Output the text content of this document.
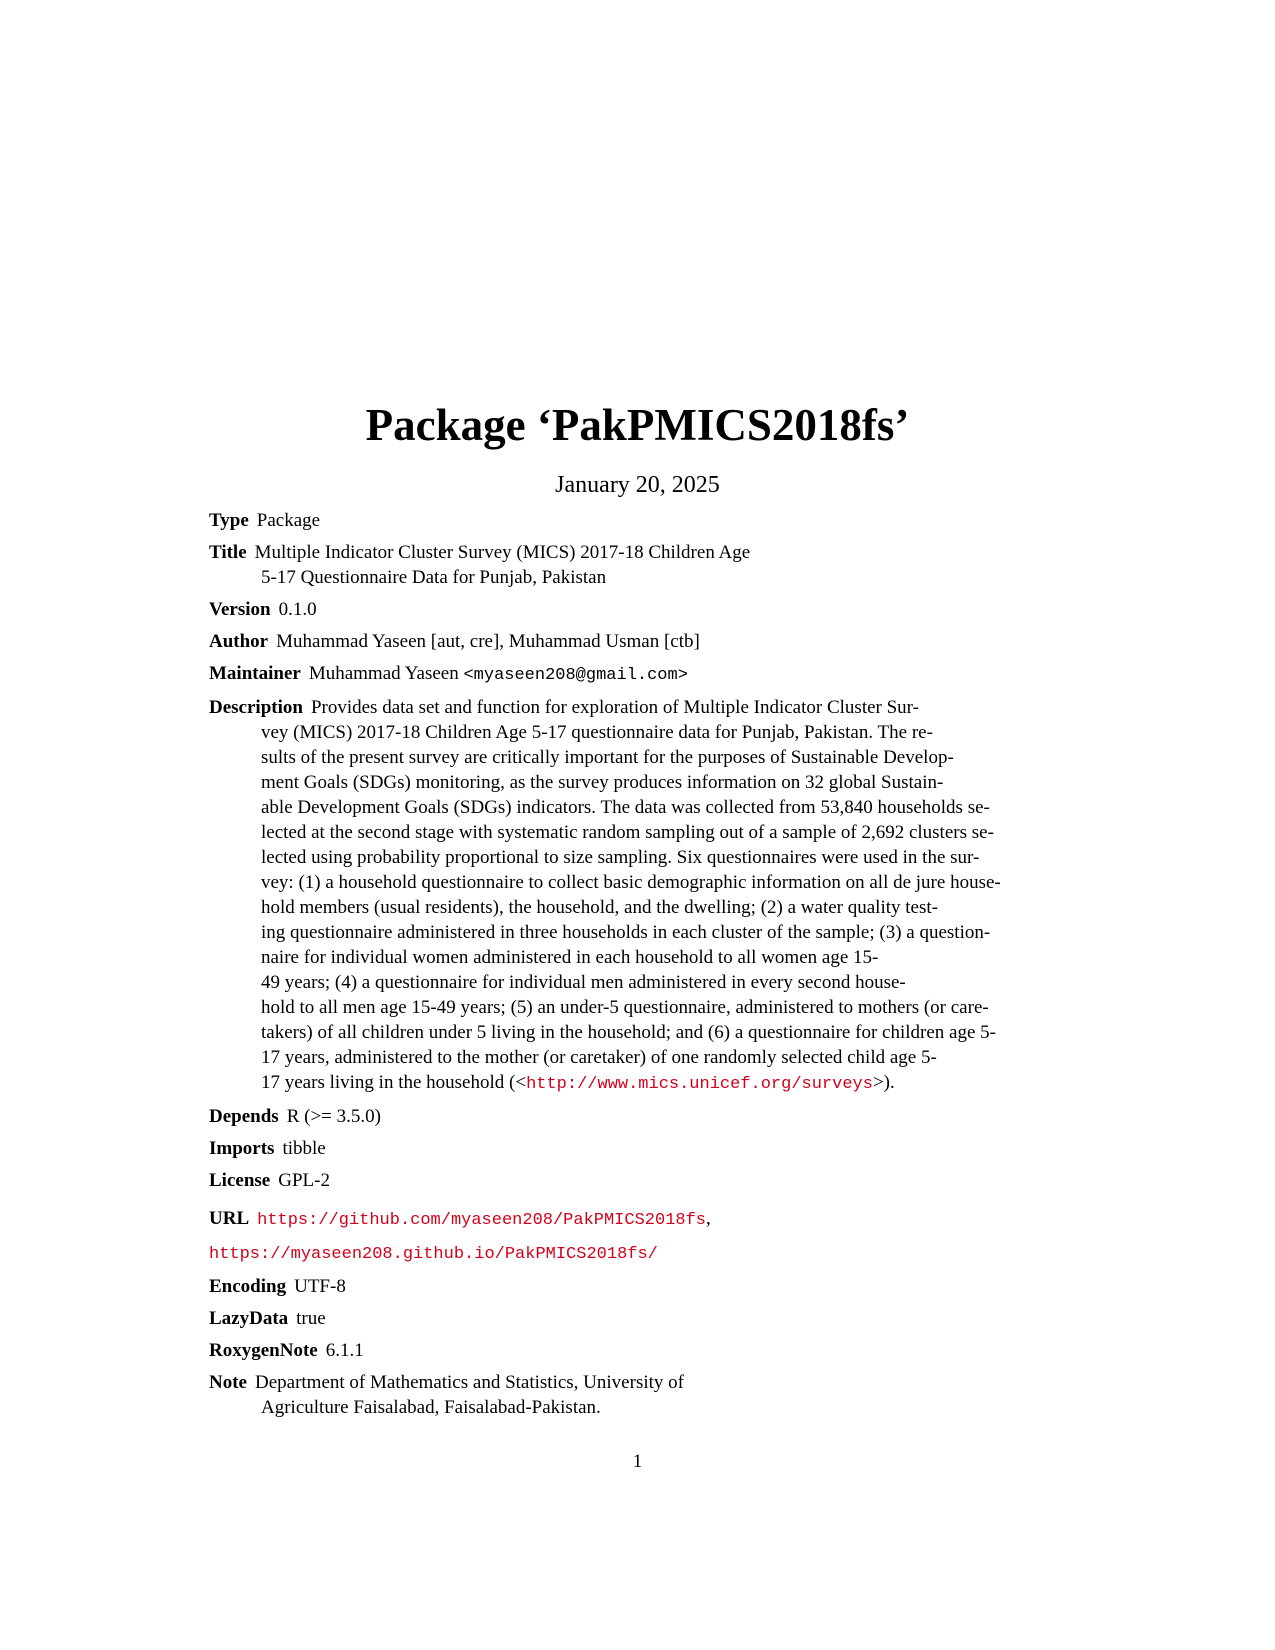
Package ‘PakPMICS2018fs’
January 20, 2025

Type Package

Title Multiple Indicator Cluster Survey (MICS) 2017-18 Children Age
5-17 Questionnaire Data for Punjab, Pakistan

Version 0.1.0

Author Muhammad Yaseen [aut, cre], Muhammad Usman [ctb]

Maintainer Muhammad Yaseen <myaseen208@gmail.com>

Description Provides data set and function for exploration of Multiple Indicator Cluster Sur-
vey (MICS) 2017-18 Children Age 5-17 questionnaire data for Punjab, Pakistan. The re-
sults of the present survey are critically important for the purposes of Sustainable Develop-
ment Goals (SDGs) monitoring, as the survey produces information on 32 global Sustain-
able Development Goals (SDGs) indicators. The data was collected from 53,840 households se-
lected at the second stage with systematic random sampling out of a sample of 2,692 clusters se-
lected using probability proportional to size sampling. Six questionnaires were used in the sur-
vey: (1) a household questionnaire to collect basic demographic information on all de jure house-
hold members (usual residents), the household, and the dwelling; (2) a water quality test-
ing questionnaire administered in three households in each cluster of the sample; (3) a question-
naire for individual women administered in each household to all women age 15-
49 years; (4) a questionnaire for individual men administered in every second house-
hold to all men age 15-49 years; (5) an under-5 questionnaire, administered to mothers (or care-
takers) of all children under 5 living in the household; and (6) a questionnaire for children age 5-
17 years, administered to the mother (or caretaker) of one randomly selected child age 5-
17 years living in the household (<http://www.mics.unicef.org/surveys>).

Depends R (>= 3.5.0)

Imports tibble

License GPL-2

URL https://github.com/myaseen208/PakPMICS2018fs,
https://myaseen208.github.io/PakPMICS2018fs/

Encoding UTF-8

LazyData true

RoxygenNote 6.1.1

Note Department of Mathematics and Statistics, University of
Agriculture Faisalabad, Faisalabad-Pakistan.

1
